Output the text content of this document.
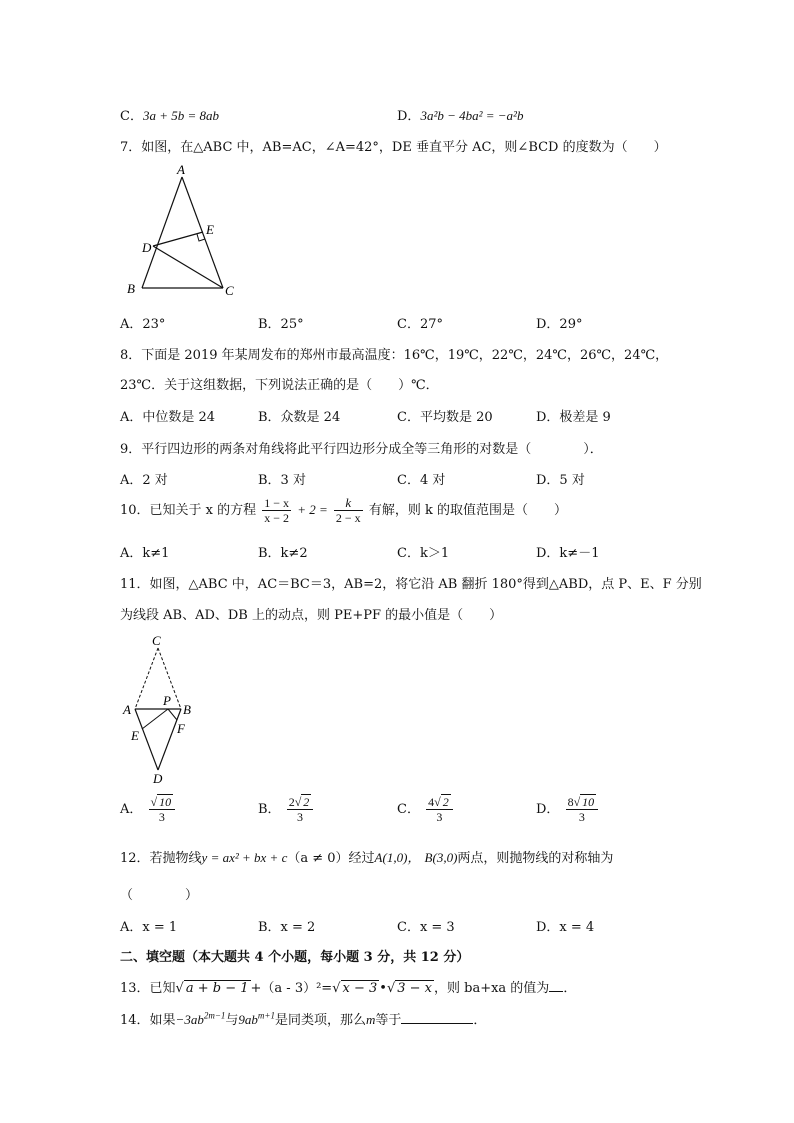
C．3a + 5b = 8ab	D．3a²b − 4ba² = −a²b
7．如图，在△ABC 中，AB=AC，∠A=42°，DE 垂直平分 AC，则∠BCD 的度数为（　　）
A
E
D
B	C
A．23°	B．25°	C．27°	D．29°
8．下面是 2019 年某周发布的郑州市最高温度：16℃，19℃，22℃，24℃，26℃，24℃，
23℃．关于这组数据，下列说法正确的是（　　）℃．
A．中位数是 24	B．众数是 24	C．平均数是 20	D．极差是 9
9．平行四边形的两条对角线将此平行四边形分成全等三角形的对数是（　　　　）．
A．2 对	B．3 对	C．4 对	D．5 对
10．已知关于 x 的方程 $\frac{1 - x}{x - 2} + 2 = \frac{k}{2 - x}$ 有解，则 k 的取值范围是（　　）
A．k≠1	B．k≠2	C．k＞1	D．k≠－1
11．如图，△ABC 中，AC＝BC＝3，AB=2，将它沿 AB 翻折 180°得到△ABD，点 P、E、F 分别
为线段 AB、AD、DB 上的动点，则 PE+PF 的最小值是（　　）
C
P
A	B
F
E
D
A． $\frac{√ 10}{3}$	B． $\frac{2√ 2}{3}$	C． $\frac{4√ 2}{3}$	D． $\frac{8√ 10}{3}$
12．若抛物线y = ax² + bx + c（a ≠ 0）经过A(1,0)， B(3,0)两点，则抛物线的对称轴为
（　　　　）
A．x = 1	B．x = 2	C．x = 3	D．x = 4
二、填空题（本大题共 4 个小题，每小题 3 分，共 12 分）
13．已知√ a + b − 1 +（a - 3）²=√ x − 3 •√ 3 − x ，则 ba+xa 的值为 ．
14．如果$-3ab^{2m-1}$与$9ab^{m+1}$是同类项，那么m等于	．
